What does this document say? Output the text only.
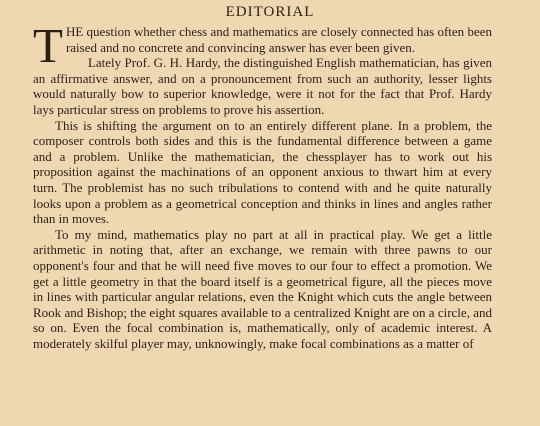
EDITORIAL

T HE question whether chess and mathematics are closely connected has often been raised and no concrete and convincing answer has ever been given.

Lately Prof. G. H. Hardy, the distinguished English mathematician, has given an affirmative answer, and on a pronouncement from such an authority, lesser lights would naturally bow to superior knowledge, were it not for the fact that Prof. Hardy lays particular stress on problems to prove his assertion.

This is shifting the argument on to an entirely different plane. In a problem, the composer controls both sides and this is the fundamental difference between a game and a problem. Unlike the mathematician, the chessplayer has to work out his proposition against the machinations of an opponent anxious to thwart him at every turn. The problemist has no such tribulations to contend with and he quite naturally looks upon a problem as a geometrical conception and thinks in lines and angles rather than in moves.

To my mind, mathematics play no part at all in practical play. We get a little arithmetic in noting that, after an exchange, we remain with three pawns to our opponent's four and that he will need five moves to our four to effect a promotion. We get a little geometry in that the board itself is a geometrical figure, all the pieces move in lines with particular angular relations, even the Knight which cuts the angle between Rook and Bishop; the eight squares available to a centralized Knight are on a circle, and so on. Even the focal combination is, mathematically, only of academic interest. A moderately skilful player may, unknowingly, make focal combinations as a matter of
